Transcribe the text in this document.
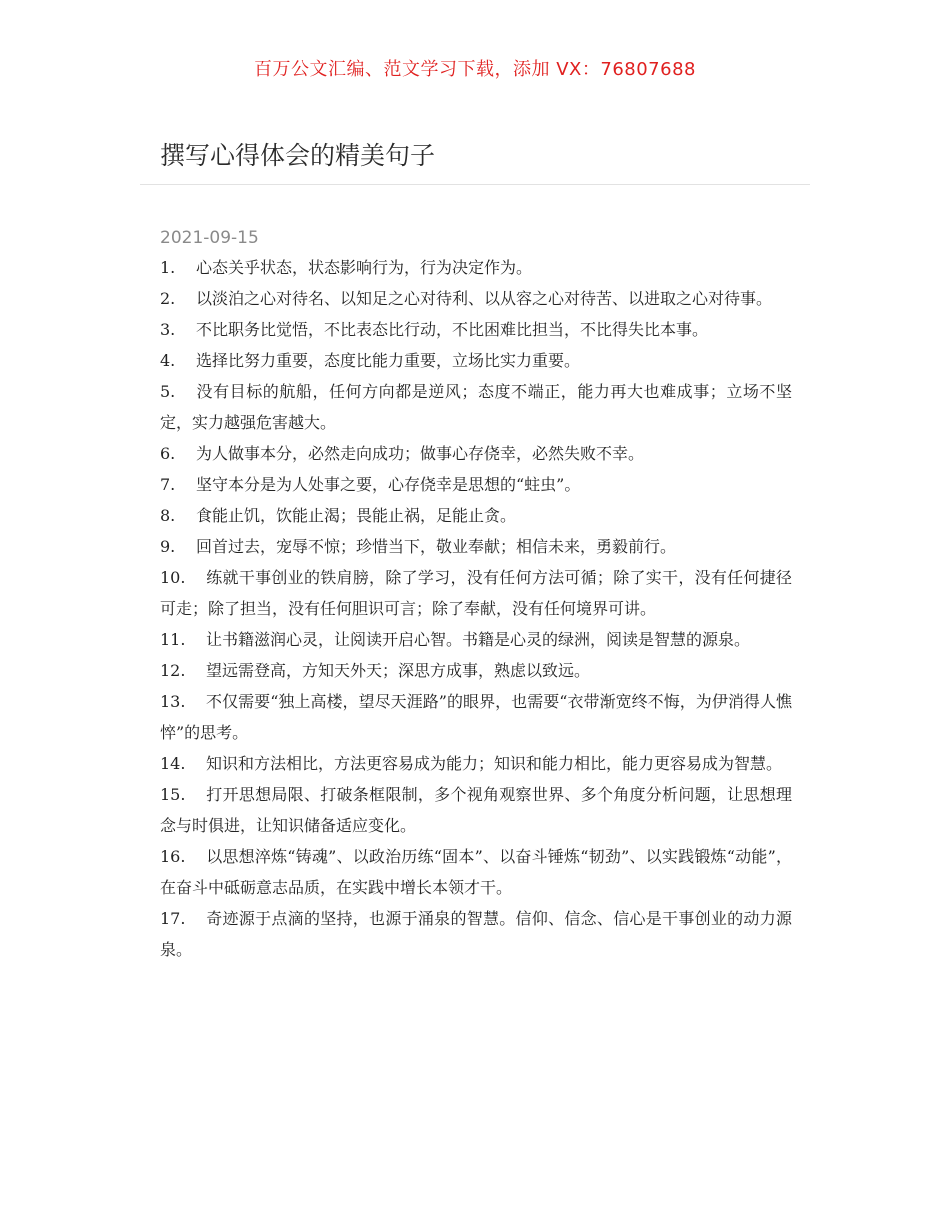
百万公文汇编、范文学习下载，添加 VX：76807688
撰写心得体会的精美句子
2021-09-15
1. 心态关乎状态，状态影响行为，行为决定作为。
2. 以淡泊之心对待名、以知足之心对待利、以从容之心对待苦、以进取之心对待事。
3. 不比职务比觉悟，不比表态比行动，不比困难比担当，不比得失比本事。
4. 选择比努力重要，态度比能力重要，立场比实力重要。
5. 没有目标的航船，任何方向都是逆风；态度不端正，能力再大也难成事；立场不坚定，实力越强危害越大。
6. 为人做事本分，必然走向成功；做事心存侥幸，必然失败不幸。
7. 坚守本分是为人处事之要，心存侥幸是思想的“蛀虫”。
8. 食能止饥，饮能止渴；畏能止祸，足能止贪。
9. 回首过去，宠辱不惊；珍惜当下，敬业奉献；相信未来，勇毅前行。
10. 练就干事创业的铁肩膀，除了学习，没有任何方法可循；除了实干，没有任何捷径可走；除了担当，没有任何胆识可言；除了奉献，没有任何境界可讲。
11. 让书籍滋润心灵，让阅读开启心智。书籍是心灵的绿洲，阅读是智慧的源泉。
12. 望远需登高，方知天外天；深思方成事，熟虑以致远。
13. 不仅需要“独上高楼，望尽天涯路”的眼界，也需要“衣带渐宽终不悔，为伊消得人憔悴”的思考。
14. 知识和方法相比，方法更容易成为能力；知识和能力相比，能力更容易成为智慧。
15. 打开思想局限、打破条框限制，多个视角观察世界、多个角度分析问题，让思想理念与时俱进，让知识储备适应变化。
16. 以思想淬炼“铸魂”、以政治历练“固本”、以奋斗锤炼“韧劲”、以实践锻炼“动能”，在奋斗中砥砺意志品质，在实践中增长本领才干。
17. 奇迹源于点滴的坚持，也源于涌泉的智慧。信仰、信念、信心是干事创业的动力源泉。
